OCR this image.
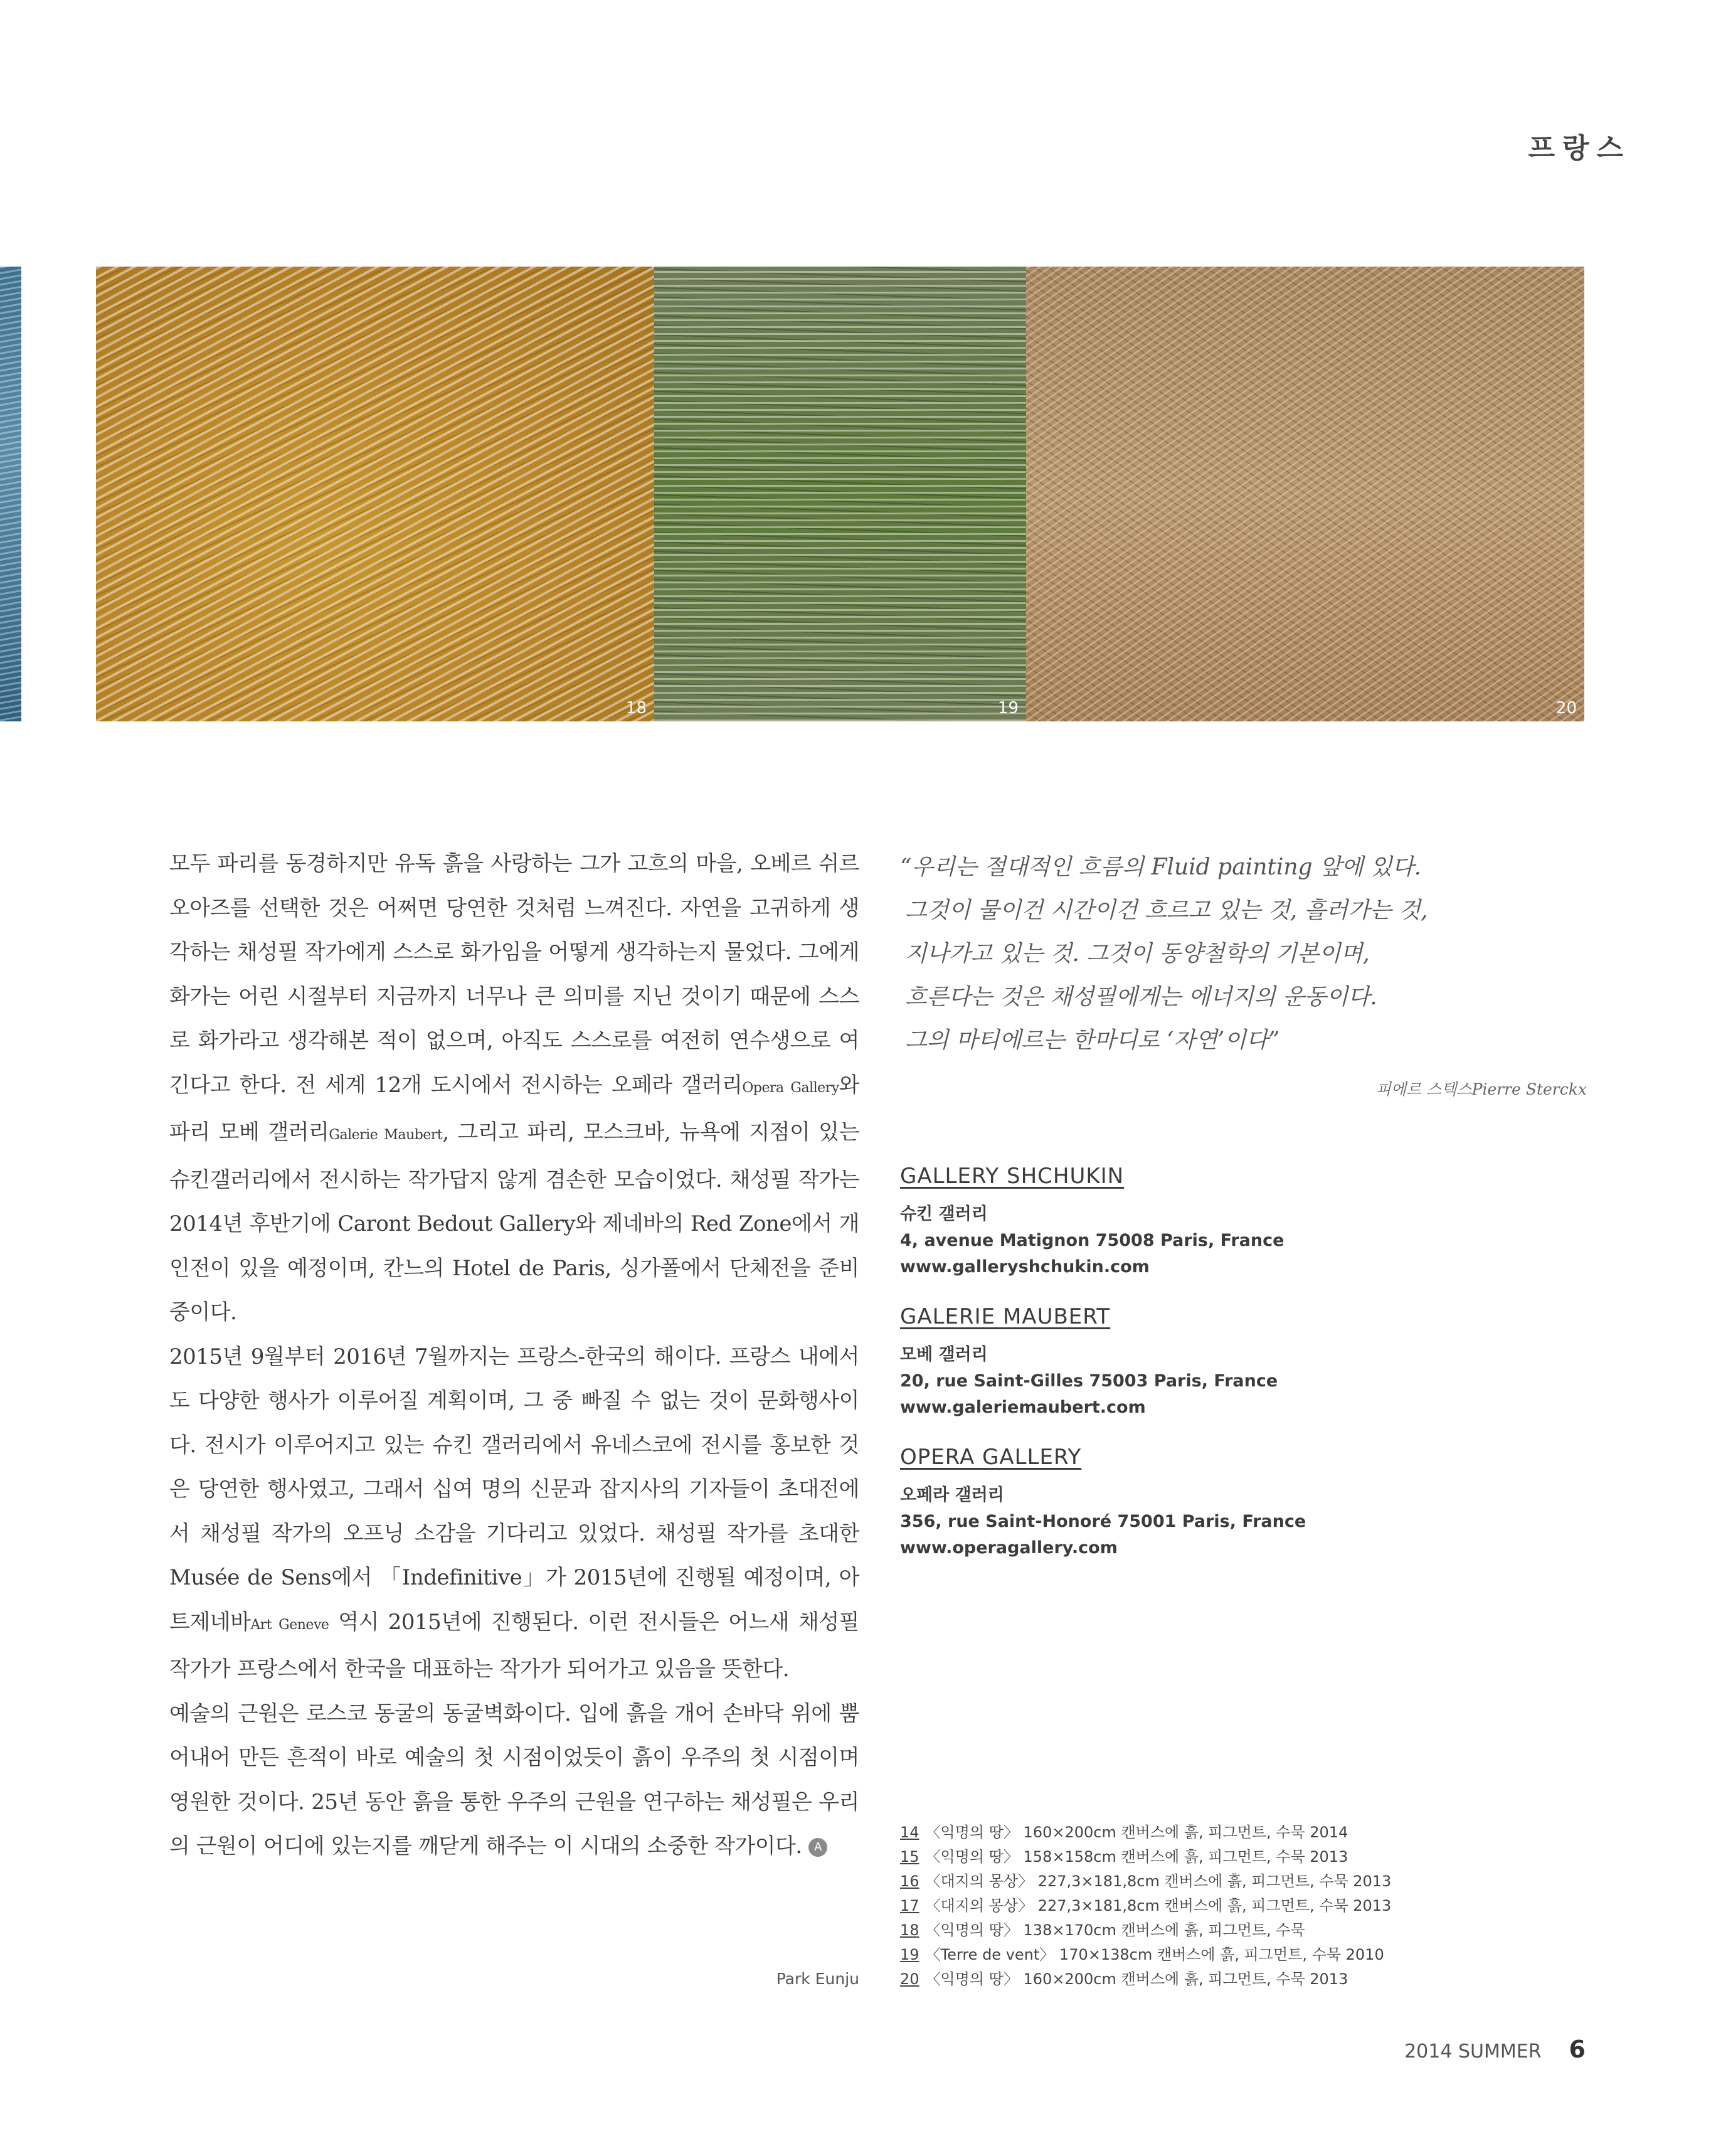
프랑스
18	19	20

모두 파리를 동경하지만 유독 흙을 사랑하는 그가 고흐의 마을, 오베르 쉬르 오아즈를 선택한 것은 어쩌면 당연한 것처럼 느껴진다. 자연을 고귀하게 생각하는 채성필 작가에게 스스로 화가임을 어떻게 생각하는지 물었다. 그에게 화가는 어린 시절부터 지금까지 너무나 큰 의미를 지닌 것이기 때문에 스스로 화가라고 생각해본 적이 없으며, 아직도 스스로를 여전히 연수생으로 여긴다고 한다. 전 세계 12개 도시에서 전시하는 오페라 갤러리Opera Gallery와 파리 모베 갤러리Galerie Maubert, 그리고 파리, 모스크바, 뉴욕에 지점이 있는 슈킨갤러리에서 전시하는 작가답지 않게 겸손한 모습이었다. 채성필 작가는 2014년 후반기에 Caront Bedout Gallery와 제네바의 Red Zone에서 개인전이 있을 예정이며, 칸느의 Hotel de Paris, 싱가폴에서 단체전을 준비 중이다.

2015년 9월부터 2016년 7월까지는 프랑스-한국의 해이다. 프랑스 내에서도 다양한 행사가 이루어질 계획이며, 그 중 빠질 수 없는 것이 문화행사이다. 전시가 이루어지고 있는 슈킨 갤러리에서 유네스코에 전시를 홍보한 것은 당연한 행사였고, 그래서 십여 명의 신문과 잡지사의 기자들이 초대전에서 채성필 작가의 오프닝 소감을 기다리고 있었다. 채성필 작가를 초대한 Musée de Sens에서 「Indefinitive」가 2015년에 진행될 예정이며, 아트제네바Art Geneve 역시 2015년에 진행된다. 이런 전시들은 어느새 채성필 작가가 프랑스에서 한국을 대표하는 작가가 되어가고 있음을 뜻한다.

예술의 근원은 로스코 동굴의 동굴벽화이다. 입에 흙을 개어 손바닥 위에 뿜어내어 만든 흔적이 바로 예술의 첫 시점이었듯이 흙이 우주의 첫 시점이며 영원한 것이다. 25년 동안 흙을 통한 우주의 근원을 연구하는 채성필은 우리의 근원이 어디에 있는지를 깨닫게 해주는 이 시대의 소중한 작가이다. A

Park Eunju
“우리는 절대적인 흐름의 Fluid painting 앞에 있다.
그것이 물이건 시간이건 흐르고 있는 것, 흘러가는 것,
지나가고 있는 것. 그것이 동양철학의 기본이며,
흐른다는 것은 채성필에게는 에너지의 운동이다.
그의 마티에르는 한마디로 ‘자연’이다”
피에르 스텍스Pierre Sterckx
GALLERY SHCHUKIN
슈킨 갤러리
4, avenue Matignon 75008 Paris, France
www.galleryshchukin.com
GALERIE MAUBERT
모베 갤러리
20, rue Saint-Gilles 75003 Paris, France
www.galeriemaubert.com
OPERA GALLERY
오페라 갤러리
356, rue Saint-Honoré 75001 Paris, France
www.operagallery.com
14 〈익명의 땅〉 160×200cm 캔버스에 흙, 피그먼트, 수묵 2014
15 〈익명의 땅〉 158×158cm 캔버스에 흙, 피그먼트, 수묵 2013
16 〈대지의 몽상〉 227,3×181,8cm 캔버스에 흙, 피그먼트, 수묵 2013
17 〈대지의 몽상〉 227,3×181,8cm 캔버스에 흙, 피그먼트, 수묵 2013
18 〈익명의 땅〉 138×170cm 캔버스에 흙, 피그먼트, 수묵
19 〈Terre de vent〉 170×138cm 캔버스에 흙, 피그먼트, 수묵 2010
20 〈익명의 땅〉 160×200cm 캔버스에 흙, 피그먼트, 수묵 2013
2014 SUMMER 6
